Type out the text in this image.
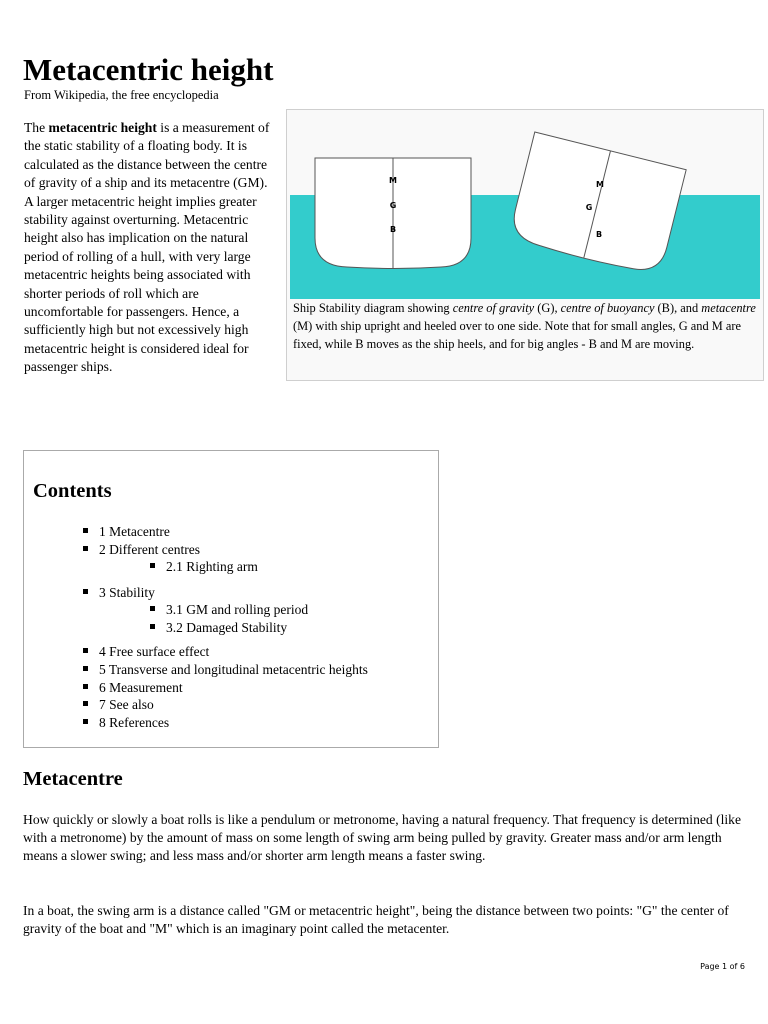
Metacentric height
From Wikipedia, the free encyclopedia

M
G
B
M
G
B
Ship Stability diagram showing centre of gravity (G), centre of buoyancy (B), and metacentre (M) with ship upright and heeled over to one side. Note that for small angles, G and M are fixed, while B moves as the ship heels, and for big angles - B and M are moving.
The metacentric height is a measurement of the static stability of a floating body. It is calculated as the distance between the centre of gravity of a ship and its metacentre (GM). A larger metacentric height implies greater stability against overturning. Metacentric height also has implication on the natural period of rolling of a hull, with very large metacentric heights being associated with shorter periods of roll which are uncomfortable for passengers. Hence, a sufficiently high but not excessively high metacentric height is considered ideal for passenger ships.

Contents
1 Metacentre
2 Different centres
2.1 Righting arm
3 Stability
3.1 GM and rolling period
3.2 Damaged Stability
4 Free surface effect
5 Transverse and longitudinal metacentric heights
6 Measurement
7 See also
8 References
Metacentre

How quickly or slowly a boat rolls is like a pendulum or metronome, having a natural frequency. That frequency is determined (like with a metronome) by the amount of mass on some length of swing arm being pulled by gravity. Greater mass and/or arm length means a slower swing; and less mass and/or shorter arm length means a faster swing.

In a boat, the swing arm is a distance called "GM or metacentric height", being the distance between two points: "G" the center of gravity of the boat and "M" which is an imaginary point called the metacenter.

Page 1 of 6
